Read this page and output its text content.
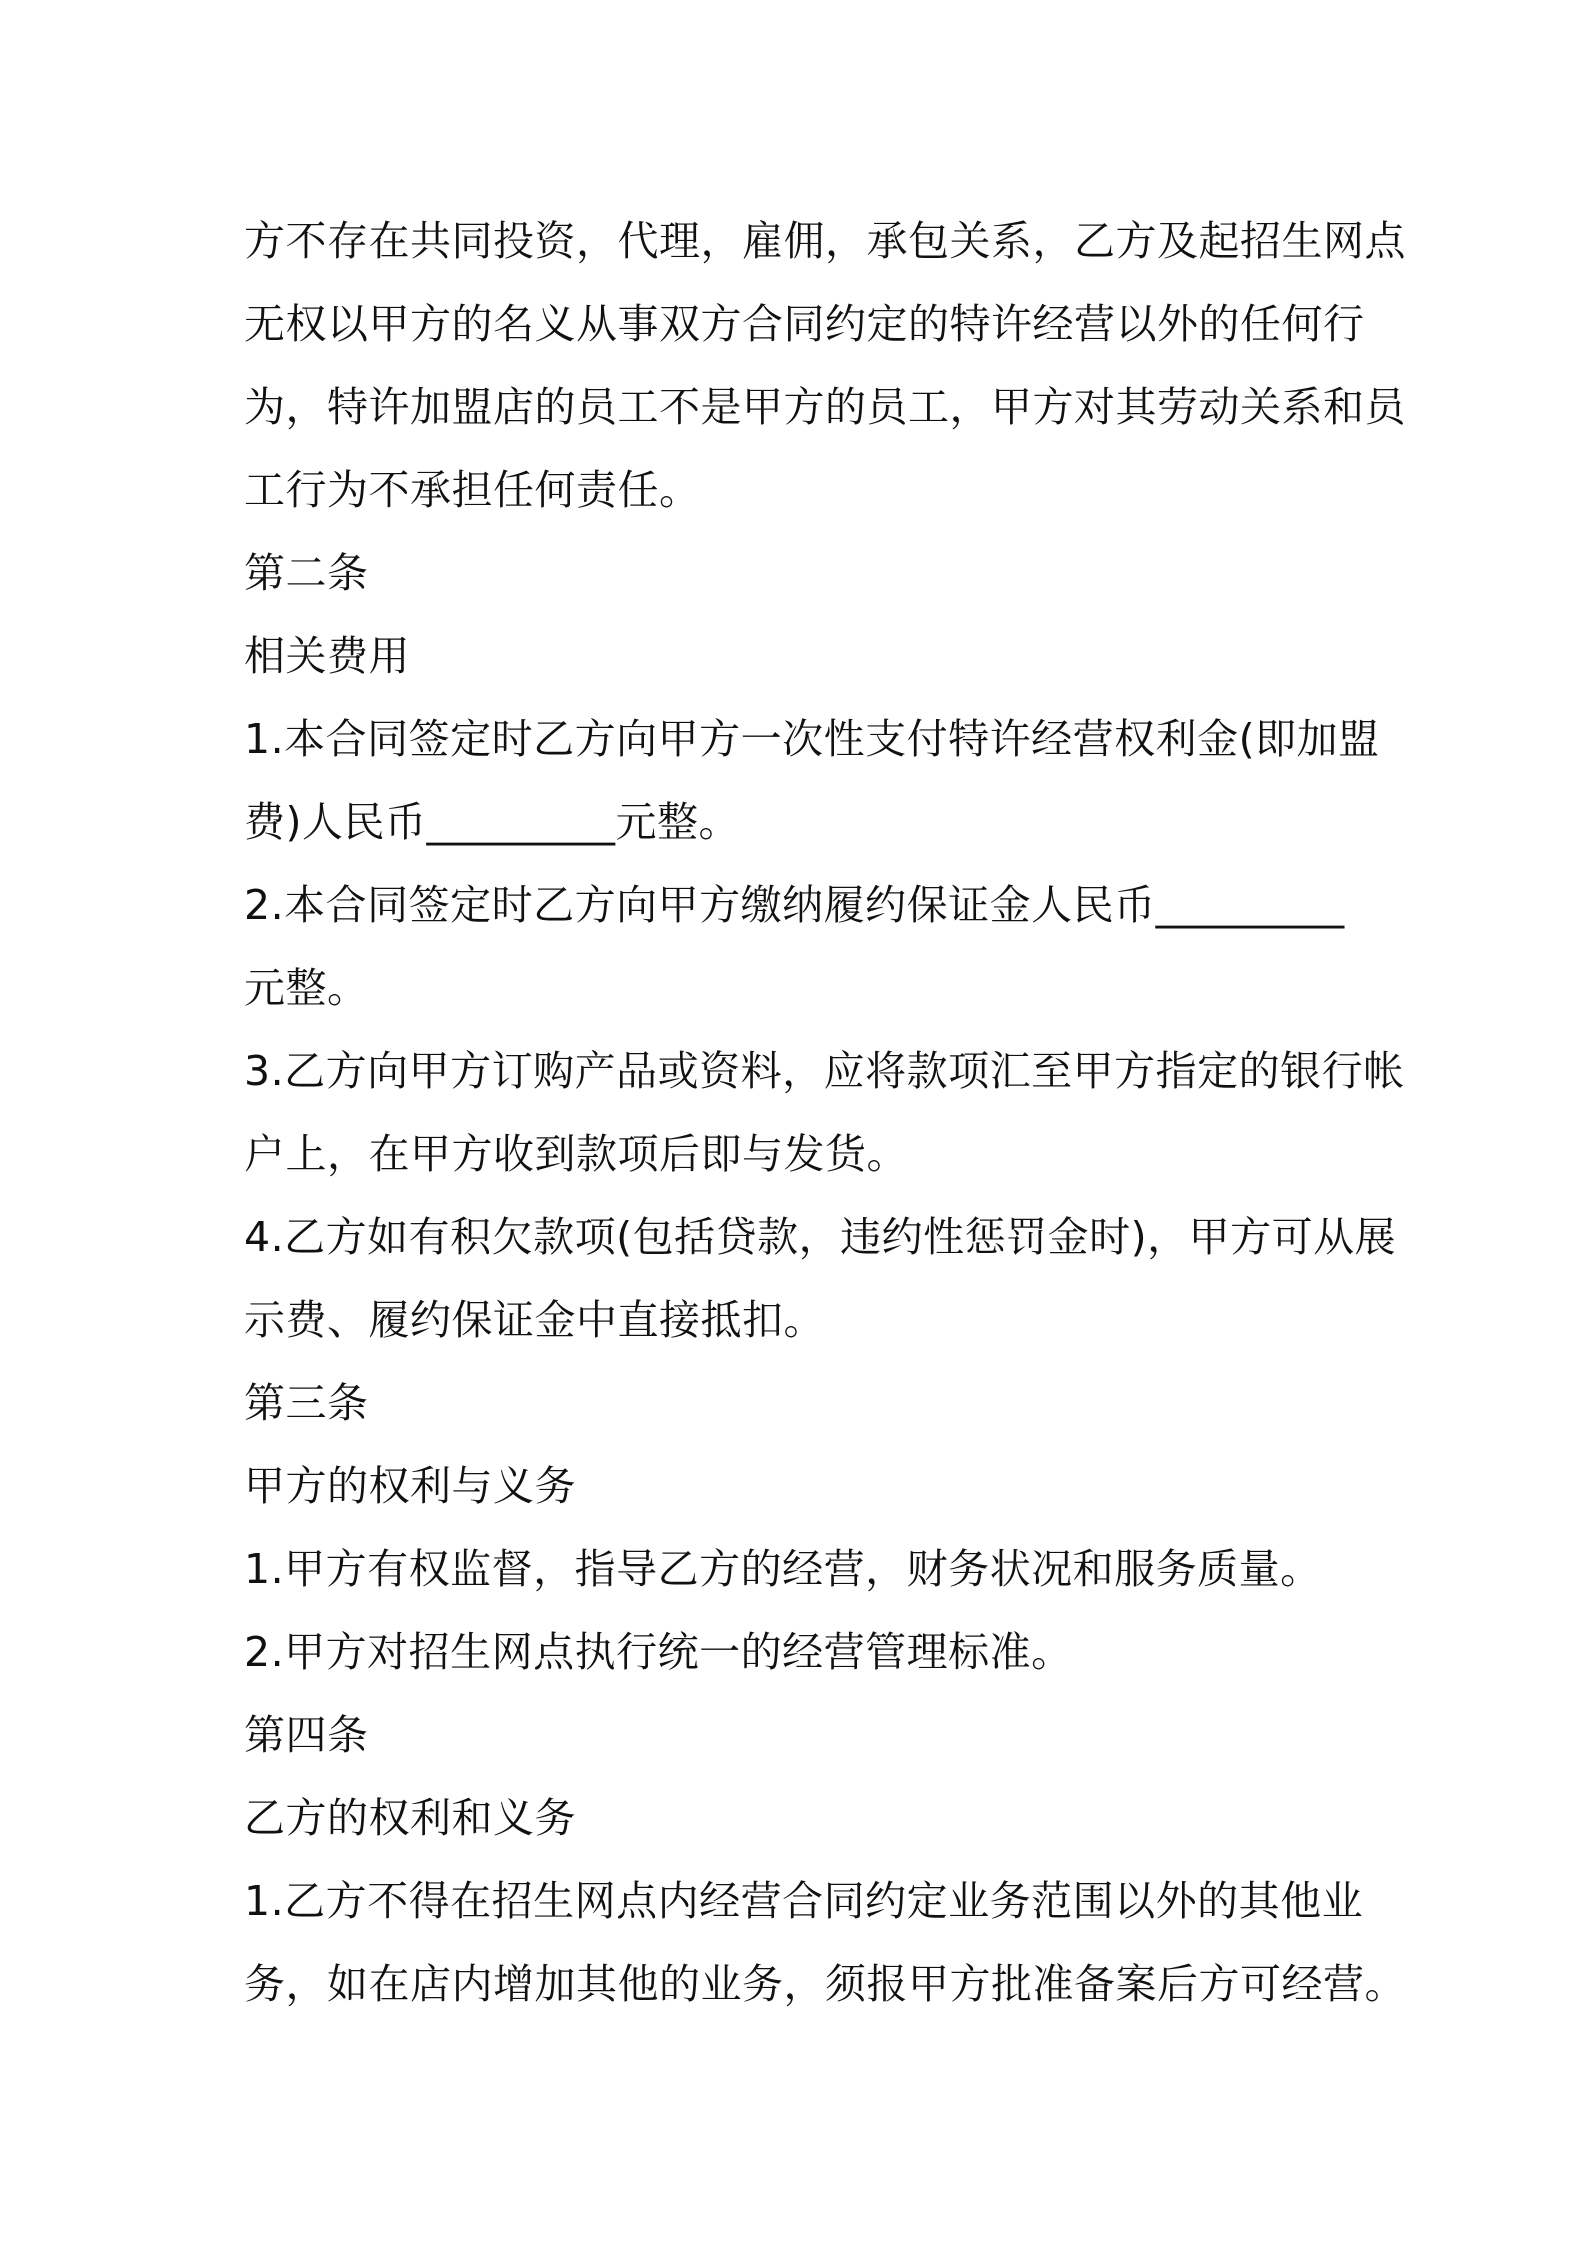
方不存在共同投资，代理，雇佣，承包关系，乙方及起招生网点
无权以甲方的名义从事双方合同约定的特许经营以外的任何行
为，特许加盟店的员工不是甲方的员工，甲方对其劳动关系和员
工行为不承担任何责任。
第二条
相关费用
1.本合同签定时乙方向甲方一次性支付特许经营权利金(即加盟
费)人民币_________元整。
2.本合同签定时乙方向甲方缴纳履约保证金人民币_________
元整。
3.乙方向甲方订购产品或资料，应将款项汇至甲方指定的银行帐
户上，在甲方收到款项后即与发货。
4.乙方如有积欠款项(包括贷款，违约性惩罚金时)，甲方可从展
示费、履约保证金中直接抵扣。
第三条
甲方的权利与义务
1.甲方有权监督，指导乙方的经营，财务状况和服务质量。
2.甲方对招生网点执行统一的经营管理标准。
第四条
乙方的权利和义务
1.乙方不得在招生网点内经营合同约定业务范围以外的其他业
务，如在店内增加其他的业务，须报甲方批准备案后方可经营。
